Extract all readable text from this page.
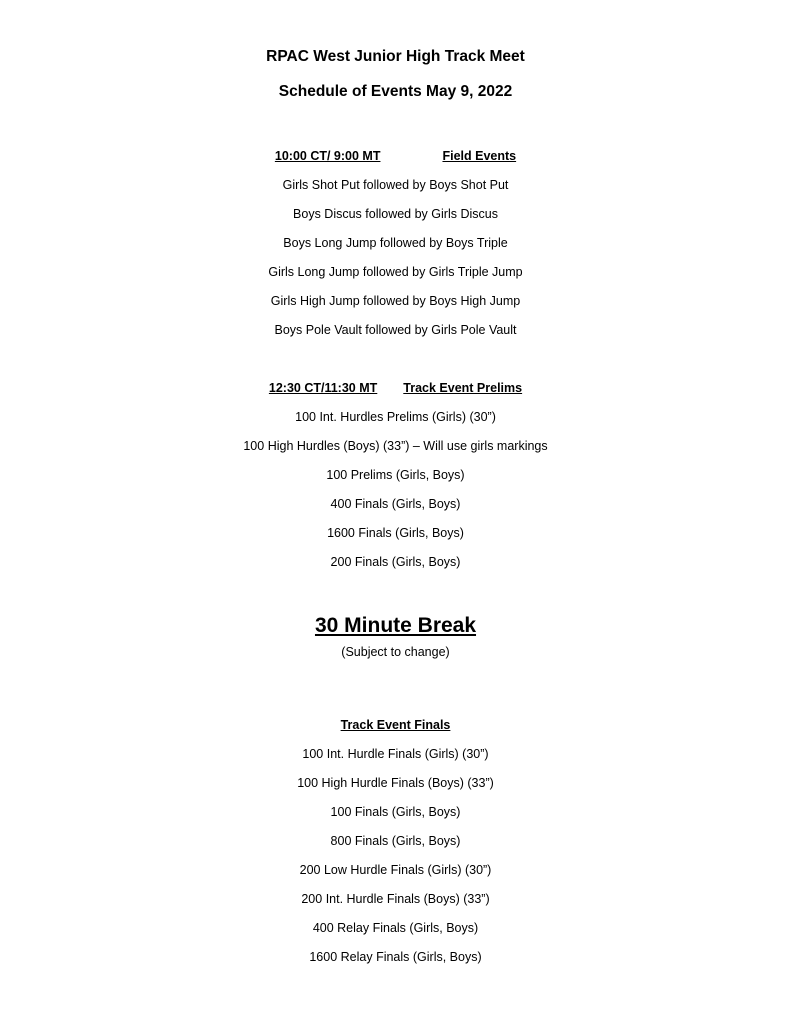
RPAC West Junior High Track Meet
Schedule of Events May 9, 2022
10:00 CT/ 9:00 MT	Field Events
Girls Shot Put followed by Boys Shot Put
Boys Discus followed by Girls Discus
Boys Long Jump followed by Boys Triple
Girls Long Jump followed by Girls Triple Jump
Girls High Jump followed by Boys High Jump
Boys Pole Vault followed by Girls Pole Vault
12:30 CT/11:30 MT Track Event Prelims
100 Int. Hurdles Prelims (Girls) (30”)
100 High Hurdles (Boys) (33”) – Will use girls markings
100 Prelims (Girls, Boys)
400 Finals (Girls, Boys)
1600 Finals (Girls, Boys)
200 Finals (Girls, Boys)
30 Minute Break
(Subject to change)
Track Event Finals
100 Int. Hurdle Finals (Girls) (30”)
100 High Hurdle Finals (Boys) (33”)
100 Finals (Girls, Boys)
800 Finals (Girls, Boys)
200 Low Hurdle Finals (Girls) (30”)
200 Int. Hurdle Finals (Boys) (33”)
400 Relay Finals (Girls, Boys)
1600 Relay Finals (Girls, Boys)
